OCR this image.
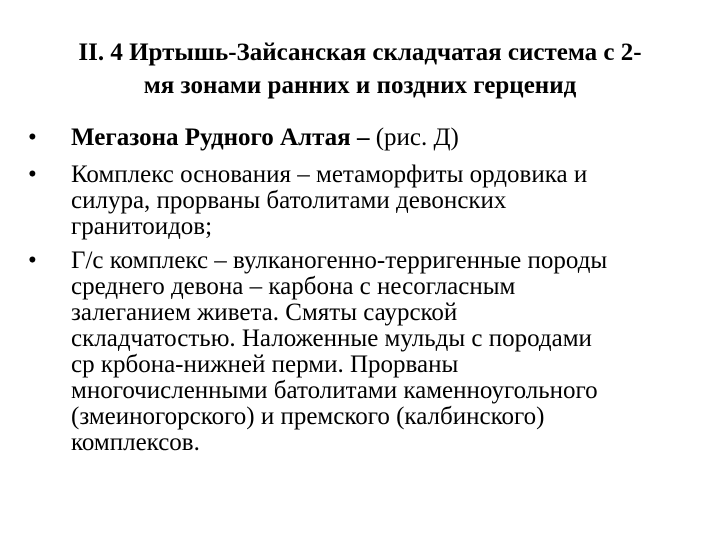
II. 4 Иртышь-Зайсанская складчатая система с 2-
мя зонами ранних и поздних герценид
•	Мегазона Рудного Алтая – (рис. Д)
•	Комплекс основания – метаморфиты ордовика и
силура, прорваны батолитами девонских
гранитоидов;
•	Г/с комплекс – вулканогенно-терригенные породы
среднего девона – карбона с несогласным
залеганием живета. Смяты саурской
складчатостью. Наложенные мульды с породами
ср крбона-нижней перми. Прорваны
многочисленными батолитами каменноугольного
(змеиногорского) и премского (калбинского)
комплексов.
